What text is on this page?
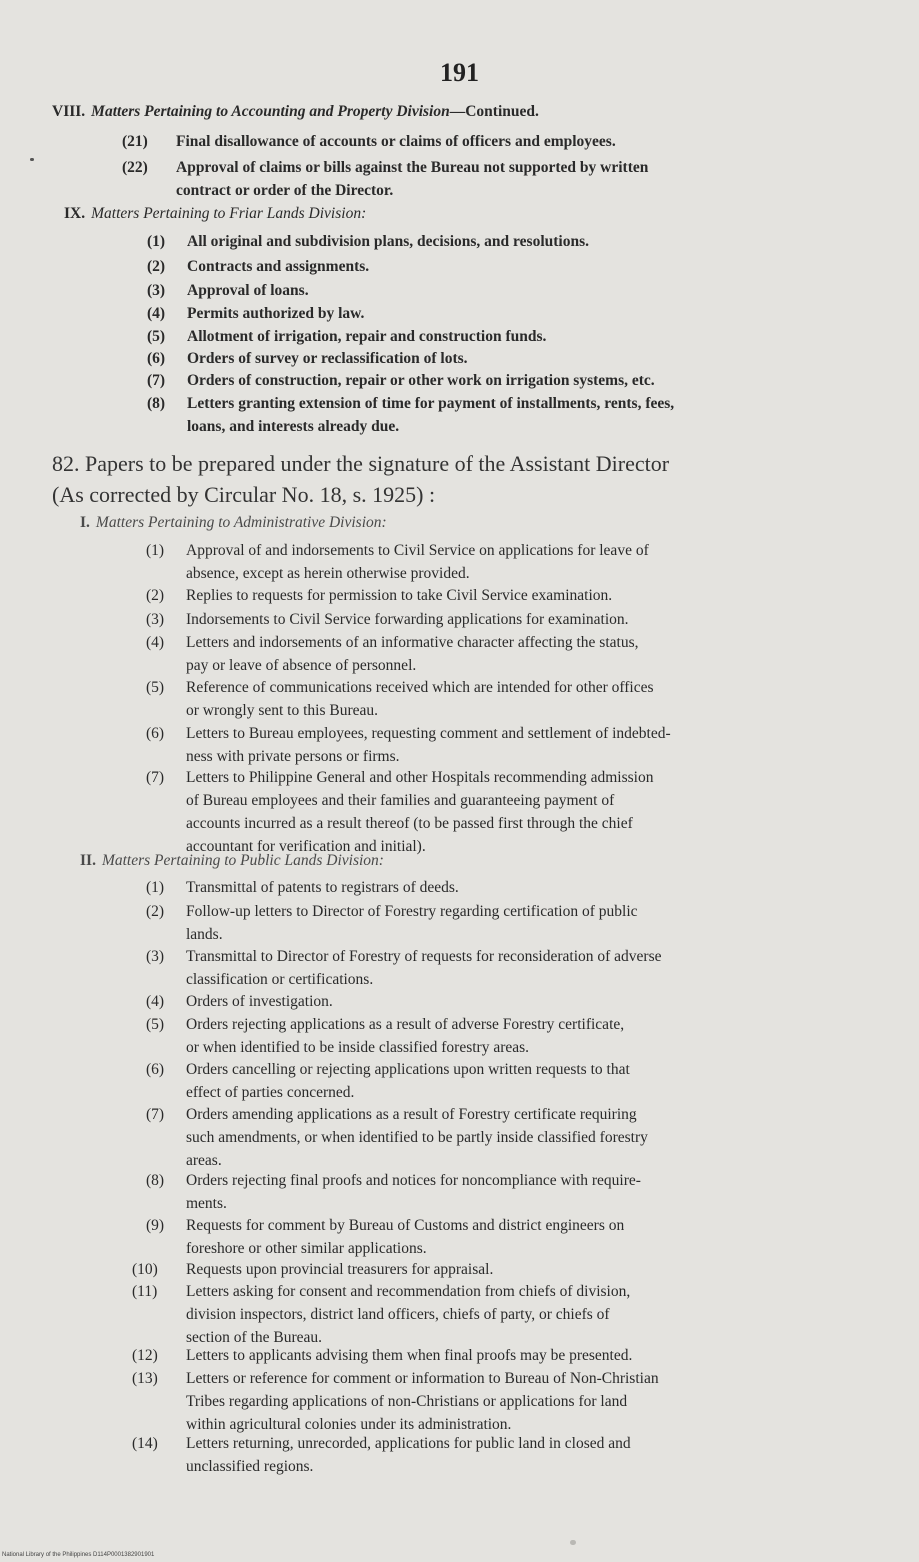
191
VIII. Matters Pertaining to Accounting and Property Division—Continued.
(21) Final disallowance of accounts or claims of officers and employees.
(22) Approval of claims or bills against the Bureau not supported by written
contract or order of the Director.
IX. Matters Pertaining to Friar Lands Division:
(1) All original and subdivision plans, decisions, and resolutions.
(2) Contracts and assignments.
(3) Approval of loans.
(4) Permits authorized by law.
(5) Allotment of irrigation, repair and construction funds.
(6) Orders of survey or reclassification of lots.
(7) Orders of construction, repair or other work on irrigation systems, etc.
(8) Letters granting extension of time for payment of installments, rents, fees,
loans, and interests already due.
82. Papers to be prepared under the signature of the Assistant Director
(As corrected by Circular No. 18, s. 1925) :
I. Matters Pertaining to Administrative Division:
(1) Approval of and indorsements to Civil Service on applications for leave of
absence, except as herein otherwise provided.
(2) Replies to requests for permission to take Civil Service examination.
(3) Indorsements to Civil Service forwarding applications for examination.
(4) Letters and indorsements of an informative character affecting the status,
pay or leave of absence of personnel.
(5) Reference of communications received which are intended for other offices
or wrongly sent to this Bureau.
(6) Letters to Bureau employees, requesting comment and settlement of indebted-
ness with private persons or firms.
(7) Letters to Philippine General and other Hospitals recommending admission
of Bureau employees and their families and guaranteeing payment of
accounts incurred as a result thereof (to be passed first through the chief
accountant for verification and initial).
II. Matters Pertaining to Public Lands Division:
(1) Transmittal of patents to registrars of deeds.
(2) Follow-up letters to Director of Forestry regarding certification of public
lands.
(3) Transmittal to Director of Forestry of requests for reconsideration of adverse
classification or certifications.
(4) Orders of investigation.
(5) Orders rejecting applications as a result of adverse Forestry certificate,
or when identified to be inside classified forestry areas.
(6) Orders cancelling or rejecting applications upon written requests to that
effect of parties concerned.
(7) Orders amending applications as a result of Forestry certificate requiring
such amendments, or when identified to be partly inside classified forestry
areas.
(8) Orders rejecting final proofs and notices for noncompliance with require-
ments.
(9) Requests for comment by Bureau of Customs and district engineers on
foreshore or other similar applications.
(10) Requests upon provincial treasurers for appraisal.
(11) Letters asking for consent and recommendation from chiefs of division,
division inspectors, district land officers, chiefs of party, or chiefs of
section of the Bureau.
(12) Letters to applicants advising them when final proofs may be presented.
(13) Letters or reference for comment or information to Bureau of Non-Christian
Tribes regarding applications of non-Christians or applications for land
within agricultural colonies under its administration.
(14) Letters returning, unrecorded, applications for public land in closed and
unclassified regions.
National Library of the Philippines D114P0001382901901
